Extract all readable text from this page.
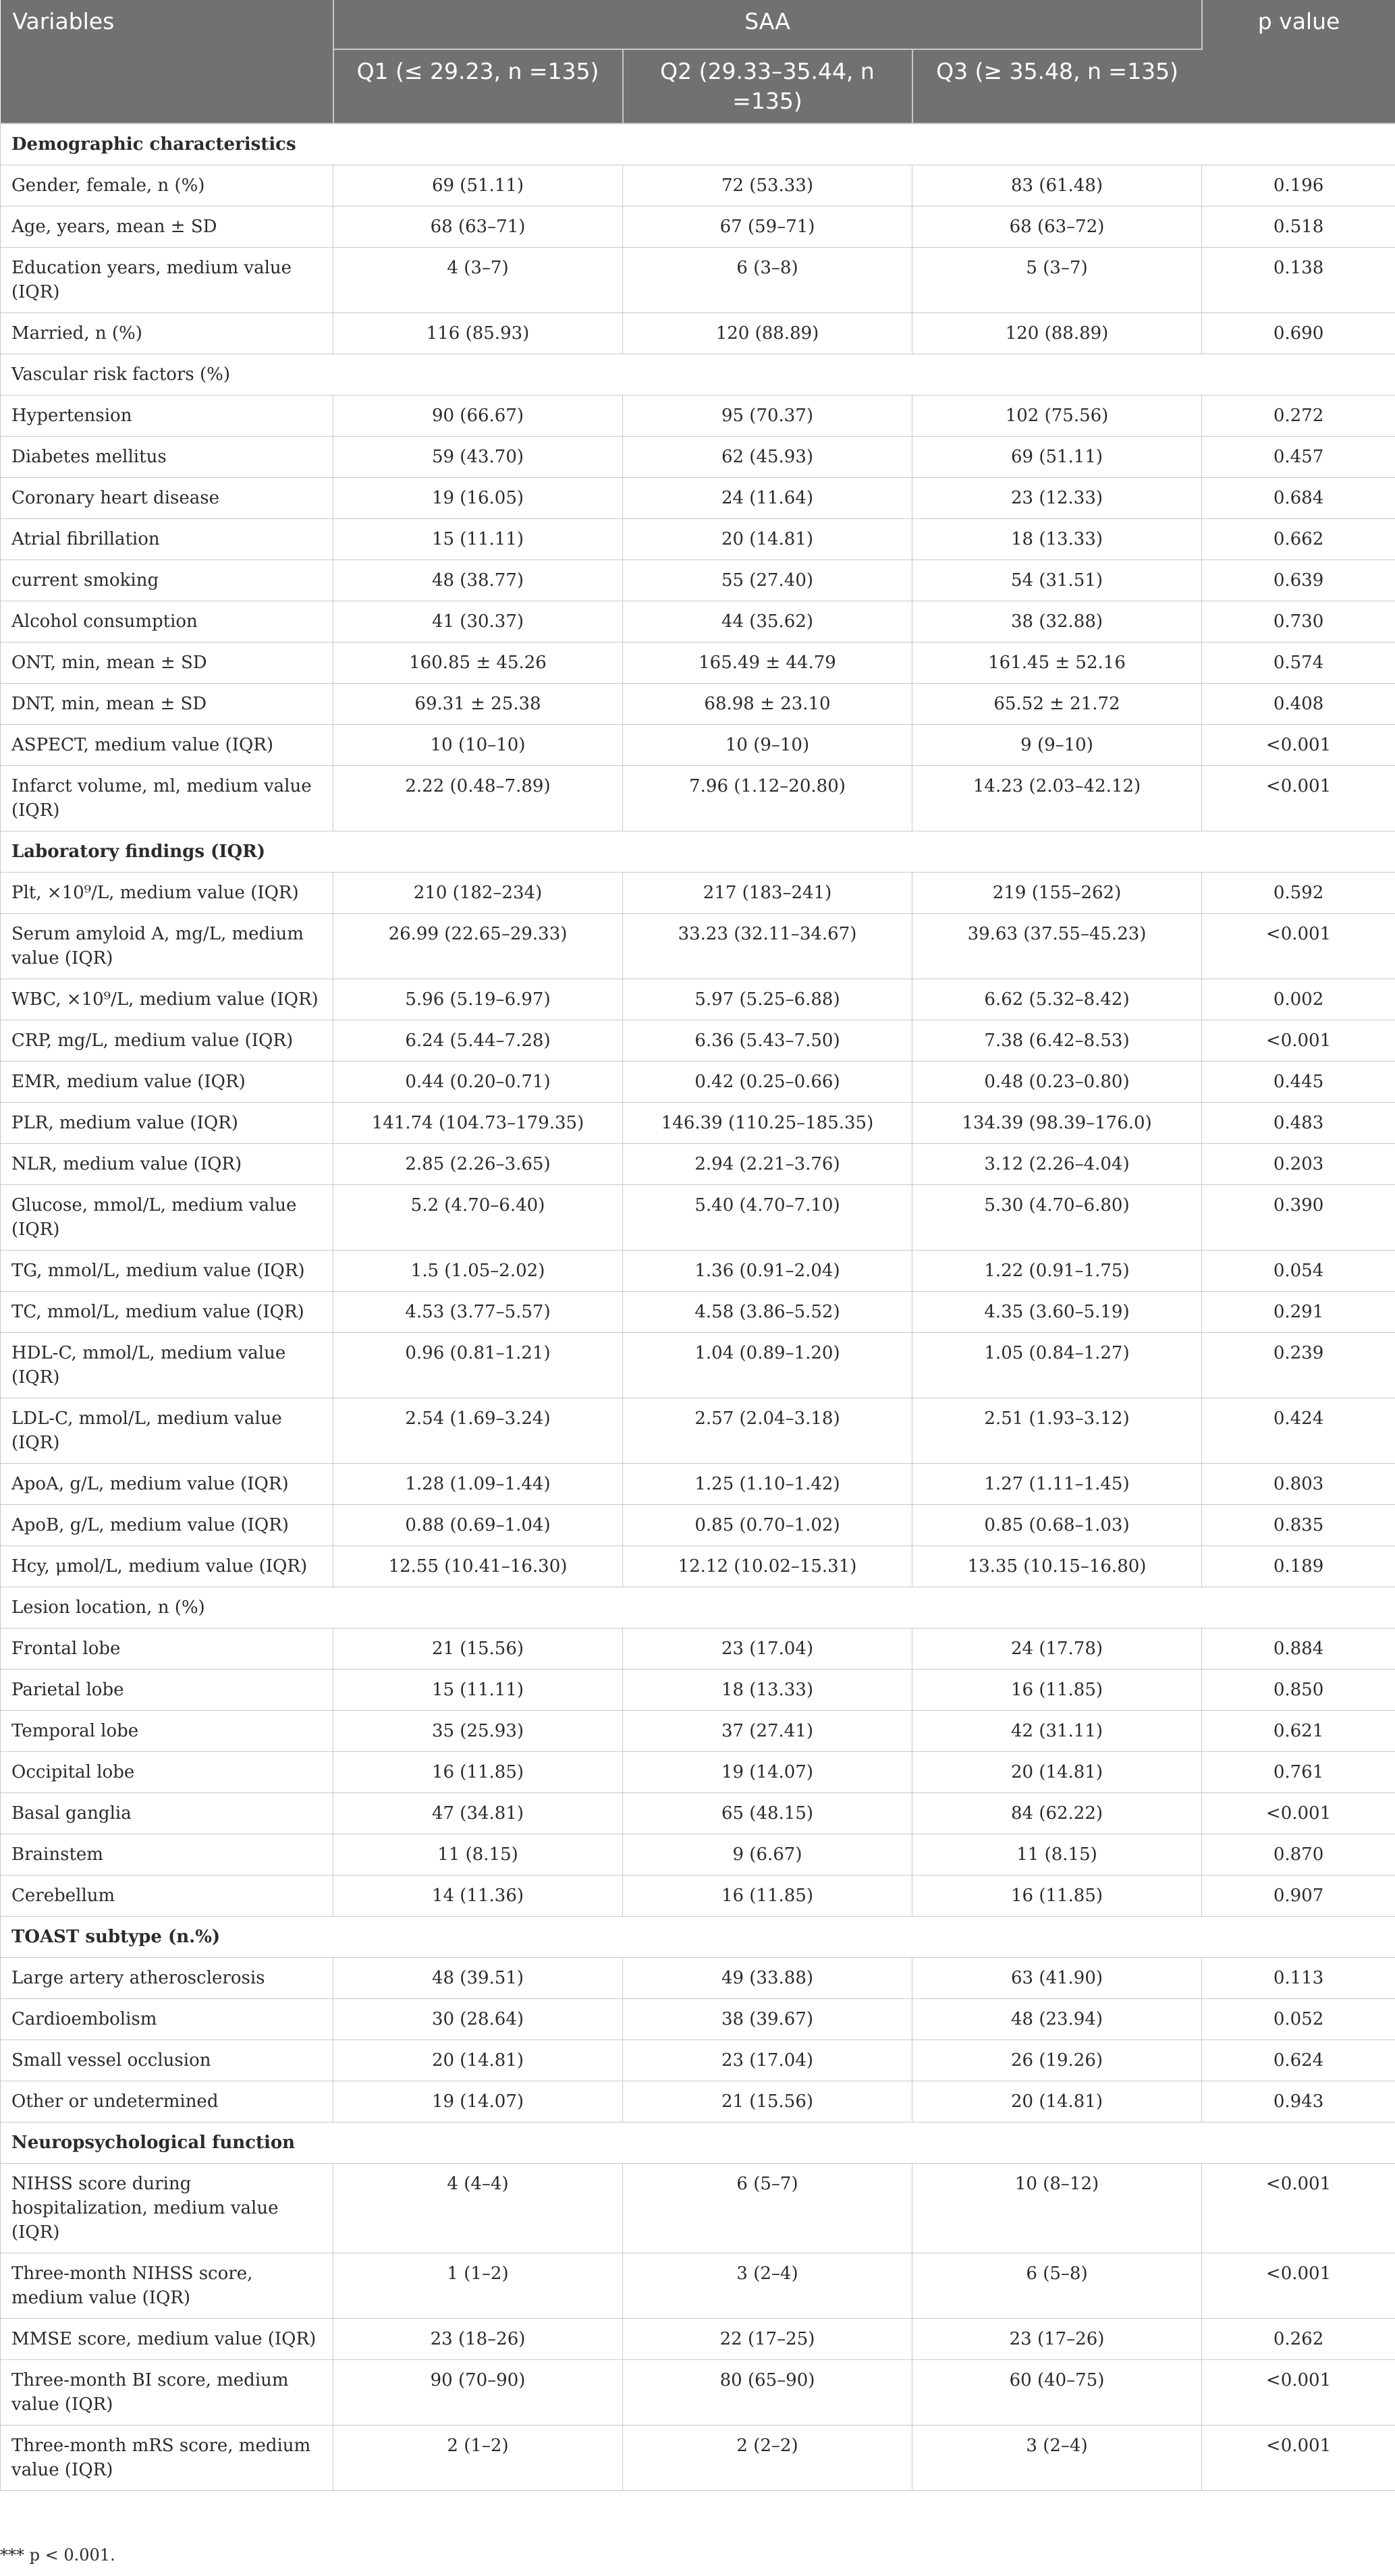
Variables	SAA			p value
	Q1 (≤ 29.23, n =135)	Q2 (29.33–35.44, n =135)	Q3 (≥ 35.48, n =135)	
Demographic characteristics				
Gender, female, n (%)	69 (51.11)	72 (53.33)	83 (61.48)	0.196
Age, years, mean ± SD	68 (63–71)	67 (59–71)	68 (63–72)	0.518
Education years, medium value (IQR)	4 (3–7)	6 (3–8)	5 (3–7)	0.138
Married, n (%)	116 (85.93)	120 (88.89)	120 (88.89)	0.690
Vascular risk factors (%)				
Hypertension	90 (66.67)	95 (70.37)	102 (75.56)	0.272
Diabetes mellitus	59 (43.70)	62 (45.93)	69 (51.11)	0.457
Coronary heart disease	19 (16.05)	24 (11.64)	23 (12.33)	0.684
Atrial fibrillation	15 (11.11)	20 (14.81)	18 (13.33)	0.662
current smoking	48 (38.77)	55 (27.40)	54 (31.51)	0.639
Alcohol consumption	41 (30.37)	44 (35.62)	38 (32.88)	0.730
ONT, min, mean ± SD	160.85 ± 45.26	165.49 ± 44.79	161.45 ± 52.16	0.574
DNT, min, mean ± SD	69.31 ± 25.38	68.98 ± 23.10	65.52 ± 21.72	0.408
ASPECT, medium value (IQR)	10 (10–10)	10 (9–10)	9 (9–10)	<0.001
Infarct volume, ml, medium value (IQR)	2.22 (0.48–7.89)	7.96 (1.12–20.80)	14.23 (2.03–42.12)	<0.001
Laboratory findings (IQR)				
Plt, ×10⁹/L, medium value (IQR)	210 (182–234)	217 (183–241)	219 (155–262)	0.592
Serum amyloid A, mg/L, medium value (IQR)	26.99 (22.65–29.33)	33.23 (32.11–34.67)	39.63 (37.55–45.23)	<0.001
WBC, ×10⁹/L, medium value (IQR)	5.96 (5.19–6.97)	5.97 (5.25–6.88)	6.62 (5.32–8.42)	0.002
CRP, mg/L, medium value (IQR)	6.24 (5.44–7.28)	6.36 (5.43–7.50)	7.38 (6.42–8.53)	<0.001
EMR, medium value (IQR)	0.44 (0.20–0.71)	0.42 (0.25–0.66)	0.48 (0.23–0.80)	0.445
PLR, medium value (IQR)	141.74 (104.73–179.35)	146.39 (110.25–185.35)	134.39 (98.39–176.0)	0.483
NLR, medium value (IQR)	2.85 (2.26–3.65)	2.94 (2.21–3.76)	3.12 (2.26–4.04)	0.203
Glucose, mmol/L, medium value (IQR)	5.2 (4.70–6.40)	5.40 (4.70–7.10)	5.30 (4.70–6.80)	0.390
TG, mmol/L, medium value (IQR)	1.5 (1.05–2.02)	1.36 (0.91–2.04)	1.22 (0.91–1.75)	0.054
TC, mmol/L, medium value (IQR)	4.53 (3.77–5.57)	4.58 (3.86–5.52)	4.35 (3.60–5.19)	0.291
HDL-C, mmol/L, medium value (IQR)	0.96 (0.81–1.21)	1.04 (0.89–1.20)	1.05 (0.84–1.27)	0.239
LDL-C, mmol/L, medium value (IQR)	2.54 (1.69–3.24)	2.57 (2.04–3.18)	2.51 (1.93–3.12)	0.424
ApoA, g/L, medium value (IQR)	1.28 (1.09–1.44)	1.25 (1.10–1.42)	1.27 (1.11–1.45)	0.803
ApoB, g/L, medium value (IQR)	0.88 (0.69–1.04)	0.85 (0.70–1.02)	0.85 (0.68–1.03)	0.835
Hcy, μmol/L, medium value (IQR)	12.55 (10.41–16.30)	12.12 (10.02–15.31)	13.35 (10.15–16.80)	0.189
Lesion location, n (%)				
Frontal lobe	21 (15.56)	23 (17.04)	24 (17.78)	0.884
Parietal lobe	15 (11.11)	18 (13.33)	16 (11.85)	0.850
Temporal lobe	35 (25.93)	37 (27.41)	42 (31.11)	0.621
Occipital lobe	16 (11.85)	19 (14.07)	20 (14.81)	0.761
Basal ganglia	47 (34.81)	65 (48.15)	84 (62.22)	<0.001
Brainstem	11 (8.15)	9 (6.67)	11 (8.15)	0.870
Cerebellum	14 (11.36)	16 (11.85)	16 (11.85)	0.907
TOAST subtype (n.%)				
Large artery atherosclerosis	48 (39.51)	49 (33.88)	63 (41.90)	0.113
Cardioembolism	30 (28.64)	38 (39.67)	48 (23.94)	0.052
Small vessel occlusion	20 (14.81)	23 (17.04)	26 (19.26)	0.624
Other or undetermined	19 (14.07)	21 (15.56)	20 (14.81)	0.943
Neuropsychological function				
NIHSS score during hospitalization, medium value (IQR)	4 (4–4)	6 (5–7)	10 (8–12)	<0.001
Three-month NIHSS score, medium value (IQR)	1 (1–2)	3 (2–4)	6 (5–8)	<0.001
MMSE score, medium value (IQR)	23 (18–26)	22 (17–25)	23 (17–26)	0.262
Three-month BI score, medium value (IQR)	90 (70–90)	80 (65–90)	60 (40–75)	<0.001
Three-month mRS score, medium value (IQR)	2 (1–2)	2 (2–2)	3 (2–4)	<0.001
*** p < 0.001.
